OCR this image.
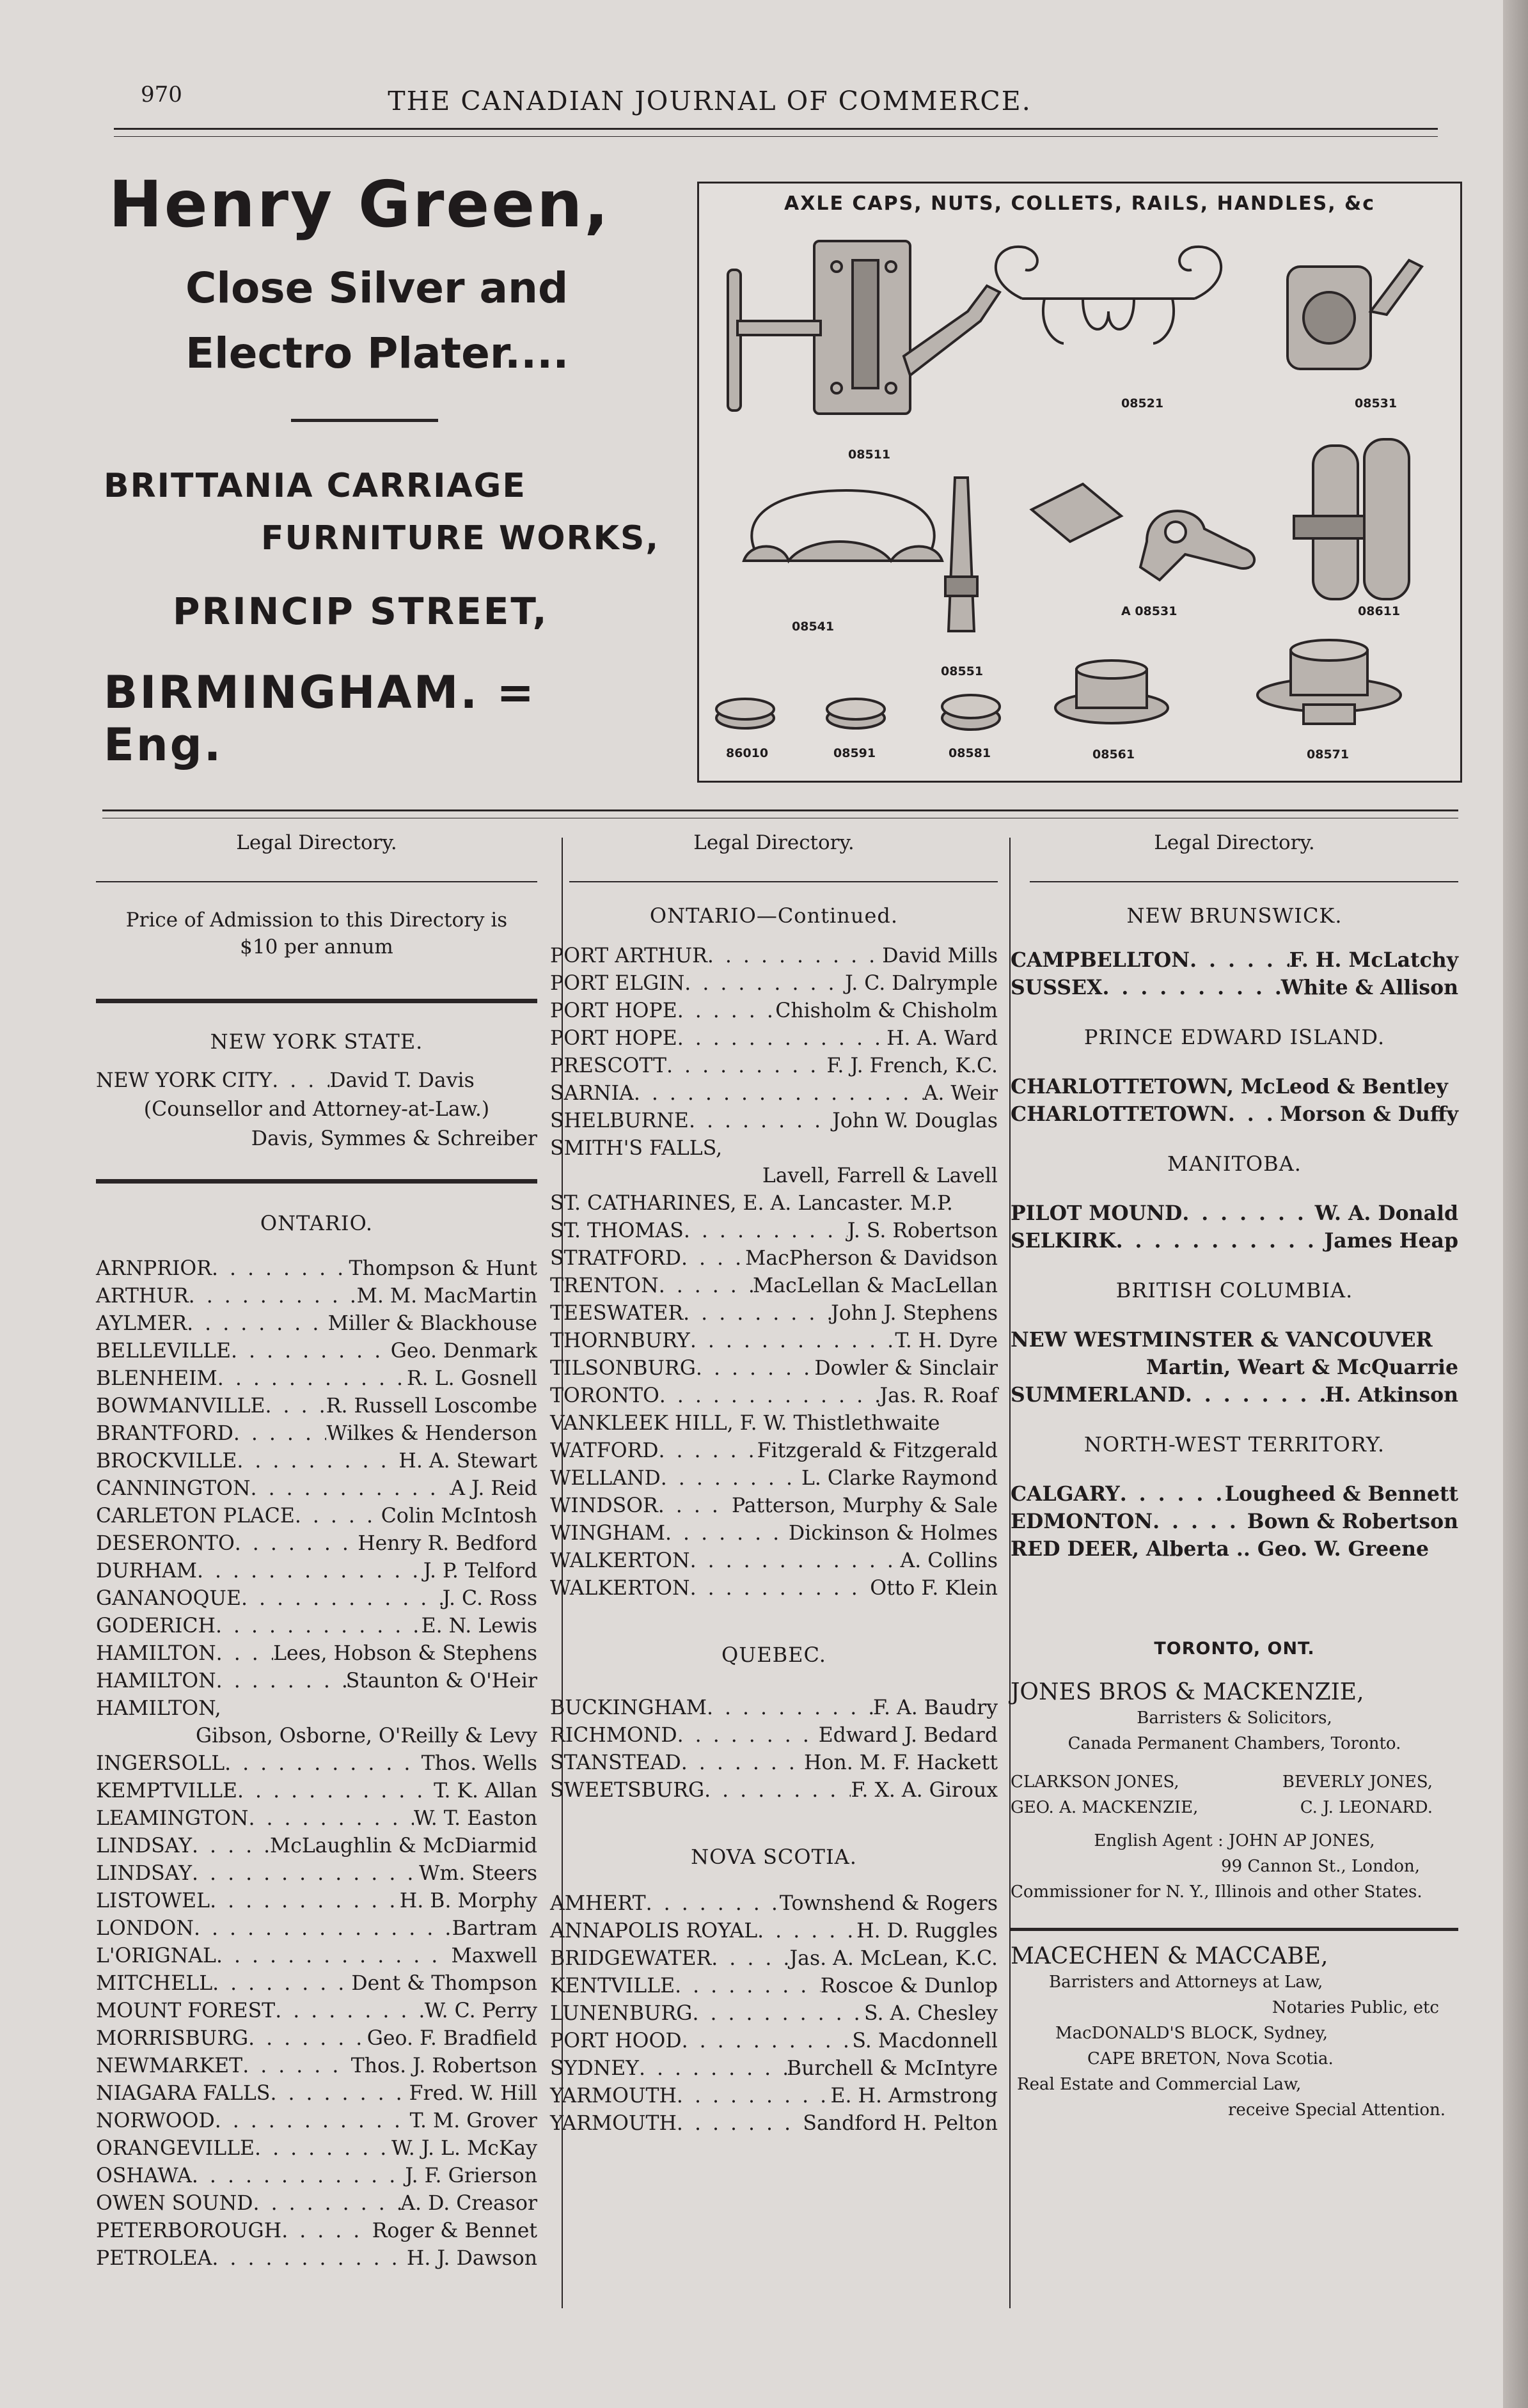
970	THE CANADIAN JOURNAL OF COMMERCE.
Henry Green,
Close Silver and
Electro Plater....
BRITTANIA CARRIAGE
FURNITURE WORKS,
PRINCIP STREET,
BIRMINGHAM. = Eng.
AXLE CAPS, NUTS, COLLETS, RAILS, HANDLES, &c
08511
08521	08531
08541
A 08531	08611
08551
86010	08591	08581	08561	08571
Legal Directory.
Price of Admission to this Directory is
$10 per annum
NEW YORK STATE.
NEW YORK CITY . . .	David T. Davis
(Counsellor and Attorney-at-Law.)
Davis, Symmes & Schreiber
ONTARIO.
ARNPRIOR . . .	Thompson & Hunt
ARTHUR . . .	M. M. MacMartin
AYLMER . . .	Miller & Blackhouse
BELLEVILLE . . .	Geo. Denmark
BLENHEIM . . .	R. L. Gosnell
BOWMANVILLE . . .	R. Russell Loscombe
BRANTFORD . . .	Wilkes & Henderson
BROCKVILLE . . .	H. A. Stewart
CANNINGTON . . .	A J. Reid
CARLETON PLACE . . .	Colin McIntosh
DESERONTO . . .	Henry R. Bedford
DURHAM . . .	J. P. Telford
GANANOQUE . . .	J. C. Ross
GODERICH . . .	E. N. Lewis
HAMILTON . . .	Lees, Hobson & Stephens
HAMILTON . . .	Staunton & O'Heir
HAMILTON,
Gibson, Osborne, O'Reilly & Levy
INGERSOLL . . .	Thos. Wells
KEMPTVILLE . . .	T. K. Allan
LEAMINGTON . . .	W. T. Easton
LINDSAY . . .	McLaughlin & McDiarmid
LINDSAY . . .	Wm. Steers
LISTOWEL . . .	H. B. Morphy
LONDON . . .	Bartram
L'ORIGNAL . . .	Maxwell
MITCHELL . . .	Dent & Thompson
MOUNT FOREST . . .	W. C. Perry
MORRISBURG . . .	Geo. F. Bradfield
NEWMARKET . . .	Thos. J. Robertson
NIAGARA FALLS . . .	Fred. W. Hill
NORWOOD . . .	T. M. Grover
ORANGEVILLE . . .	W. J. L. McKay
OSHAWA . . .	J. F. Grierson
OWEN SOUND . . .	A. D. Creasor
PETERBOROUGH . . .	Roger & Bennet
PETROLEA . . .	H. J. Dawson
Legal Directory.
ONTARIO—Continued.
PORT ARTHUR . . .	David Mills
PORT ELGIN . . .	J. C. Dalrymple
PORT HOPE . . .	Chisholm & Chisholm
PORT HOPE . . .	H. A. Ward
PRESCOTT . . .	F. J. French, K.C.
SARNIA . . .	A. Weir
SHELBURNE . . .	John W. Douglas
SMITH'S FALLS,
Lavell, Farrell & Lavell
ST. CATHARINES, E. A. Lancaster. M.P.
ST. THOMAS . . .	J. S. Robertson
STRATFORD . . .	MacPherson & Davidson
TRENTON . . .	MacLellan & MacLellan
TEESWATER . . .	John J. Stephens
THORNBURY . . .	T. H. Dyre
TILSONBURG . . .	Dowler & Sinclair
TORONTO . . .	Jas. R. Roaf
VANKLEEK HILL, F. W. Thistlethwaite
WATFORD . . .	Fitzgerald & Fitzgerald
WELLAND . . .	L. Clarke Raymond
WINDSOR . . .	Patterson, Murphy & Sale
WINGHAM . . .	Dickinson & Holmes
WALKERTON . . .	A. Collins
WALKERTON . . .	Otto F. Klein
QUEBEC.
BUCKINGHAM . . .	F. A. Baudry
RICHMOND . . .	Edward J. Bedard
STANSTEAD . . .	Hon. M. F. Hackett
SWEETSBURG . . .	F. X. A. Giroux
NOVA SCOTIA.
AMHERT . . .	Townshend & Rogers
ANNAPOLIS ROYAL . . .	H. D. Ruggles
BRIDGEWATER . . .	Jas. A. McLean, K.C.
KENTVILLE . . .	Roscoe & Dunlop
LUNENBURG . . .	S. A. Chesley
PORT HOOD . . .	S. Macdonnell
SYDNEY . . .	Burchell & McIntyre
YARMOUTH . . .	E. H. Armstrong
YARMOUTH . . .	Sandford H. Pelton
Legal Directory.
NEW BRUNSWICK.
CAMPBELLTON . . .	F. H. McLatchy
SUSSEX . . .	White & Allison
PRINCE EDWARD ISLAND.
CHARLOTTETOWN, McLeod & Bentley
CHARLOTTETOWN . . .	Morson & Duffy
MANITOBA.
PILOT MOUND . . .	W. A. Donald
SELKIRK . . .	James Heap
BRITISH COLUMBIA.
NEW WESTMINSTER & VANCOUVER
Martin, Weart & McQuarrie
SUMMERLAND . . .	H. Atkinson
NORTH-WEST TERRITORY.
CALGARY . . .	Lougheed & Bennett
EDMONTON . . .	Bown & Robertson
RED DEER, Alberta .. Geo. W. Greene
TORONTO, ONT.
JONES BROS & MACKENZIE,
Barristers & Solicitors,
Canada Permanent Chambers, Toronto.
CLARKSON JONES,	BEVERLY JONES,
GEO. A. MACKENZIE,	C. J. LEONARD.
English Agent : JOHN AP JONES,
99 Cannon St., London,
Commissioner for N. Y., Illinois and other States.
MACECHEN & MACCABE,
Barristers and Attorneys at Law,
Notaries Public, etc
MacDONALD'S BLOCK, Sydney,
CAPE BRETON, Nova Scotia.
Real Estate and Commercial Law,
receive Special Attention.
